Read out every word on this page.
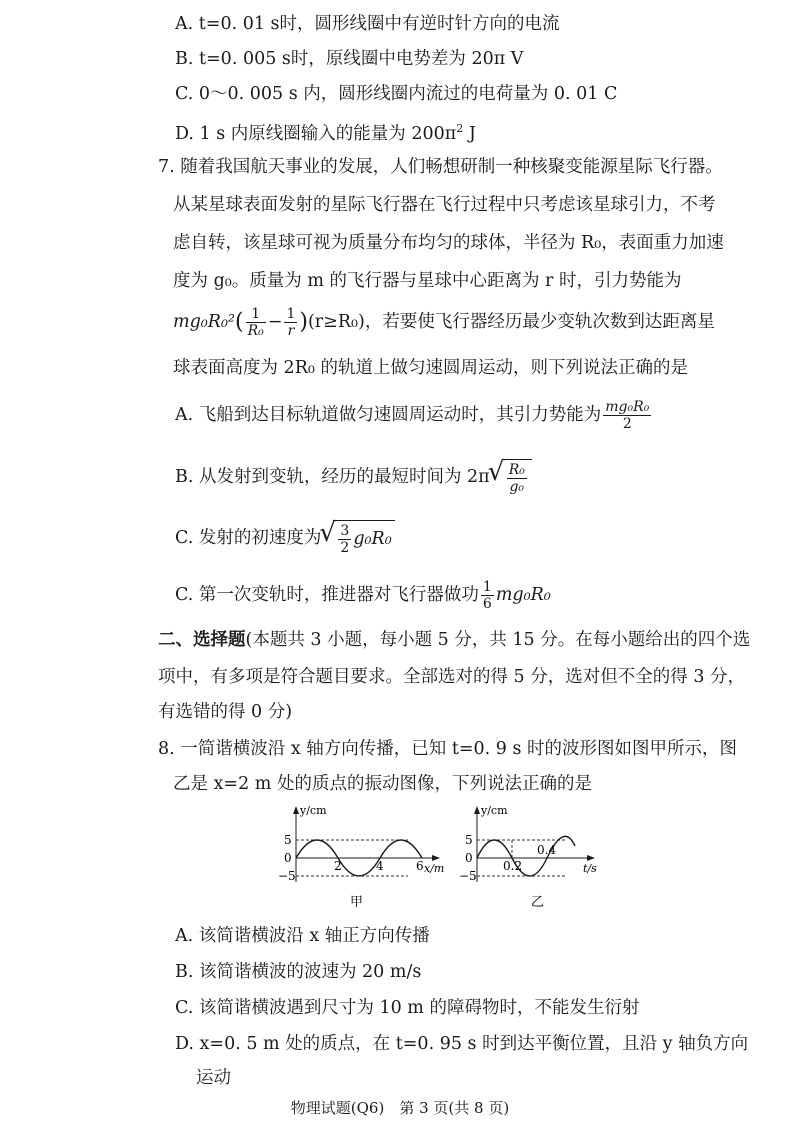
A. t=0. 01 s时，圆形线圈中有逆时针方向的电流
B. t=0. 005 s时，原线圈中电势差为 20π V
C. 0～0. 005 s 内，圆形线圈内流过的电荷量为 0. 01 C
D. 1 s 内原线圈输入的能量为 $200\pi^2$ J
7. 随着我国航天事业的发展，人们畅想研制一种核聚变能源星际飞行器。
从某星球表面发射的星际飞行器在飞行过程中只考虑该星球引力，不考
虑自转，该星球可视为质量分布均匀的球体，半径为 R₀，表面重力加速
度为 g₀。质量为 m 的飞行器与星球中心距离为 r 时，引力势能为
$mg_0R_0^2( \frac{1}{\text{R₀}} - \frac{1}{r} )(r\ge R_0)$，若要使飞行器经历最少变轨次数到达距离星
球表面高度为 2R₀ 的轨道上做匀速圆周运动，则下列说法正确的是
A. 飞船到达目标轨道做匀速圆周运动时，其引力势能为 $\frac{\text{mg₀R₀}}{2}$
B. 从发射到变轨，经历的最短时间为 2π √ $\frac{\text{R₀}}{\text{g₀}}$
C. 发射的初速度为 √ $\frac{3}{2} g_0R_0$
C. 第一次变轨时，推进器对飞行器做功 $\frac{1}{6} mg_0R_0$
二、选择题(本题共 3 小题，每小题 5 分，共 15 分。在每小题给出的四个选
项中，有多项是符合题目要求。全部选对的得 5 分，选对但不全的得 3 分，
有选错的得 0 分)
8. 一简谐横波沿 x 轴方向传播，已知 t=0. 9 s 时的波形图如图甲所示，图
乙是 x=2 m 处的质点的振动图像，下列说法正确的是
y/cm
5
0
−5
2	4	6 x/m
甲
y/cm
5
0
−5
0.2
0.4
t/s
乙
A. 该简谐横波沿 x 轴正方向传播
B. 该简谐横波的波速为 20 m/s
C. 该简谐横波遇到尺寸为 10 m 的障碍物时，不能发生衍射
D. x=0. 5 m 处的质点，在 t=0. 95 s 时到达平衡位置，且沿 y 轴负方向
运动
物理试题(Q6)　第 3 页(共 8 页)
